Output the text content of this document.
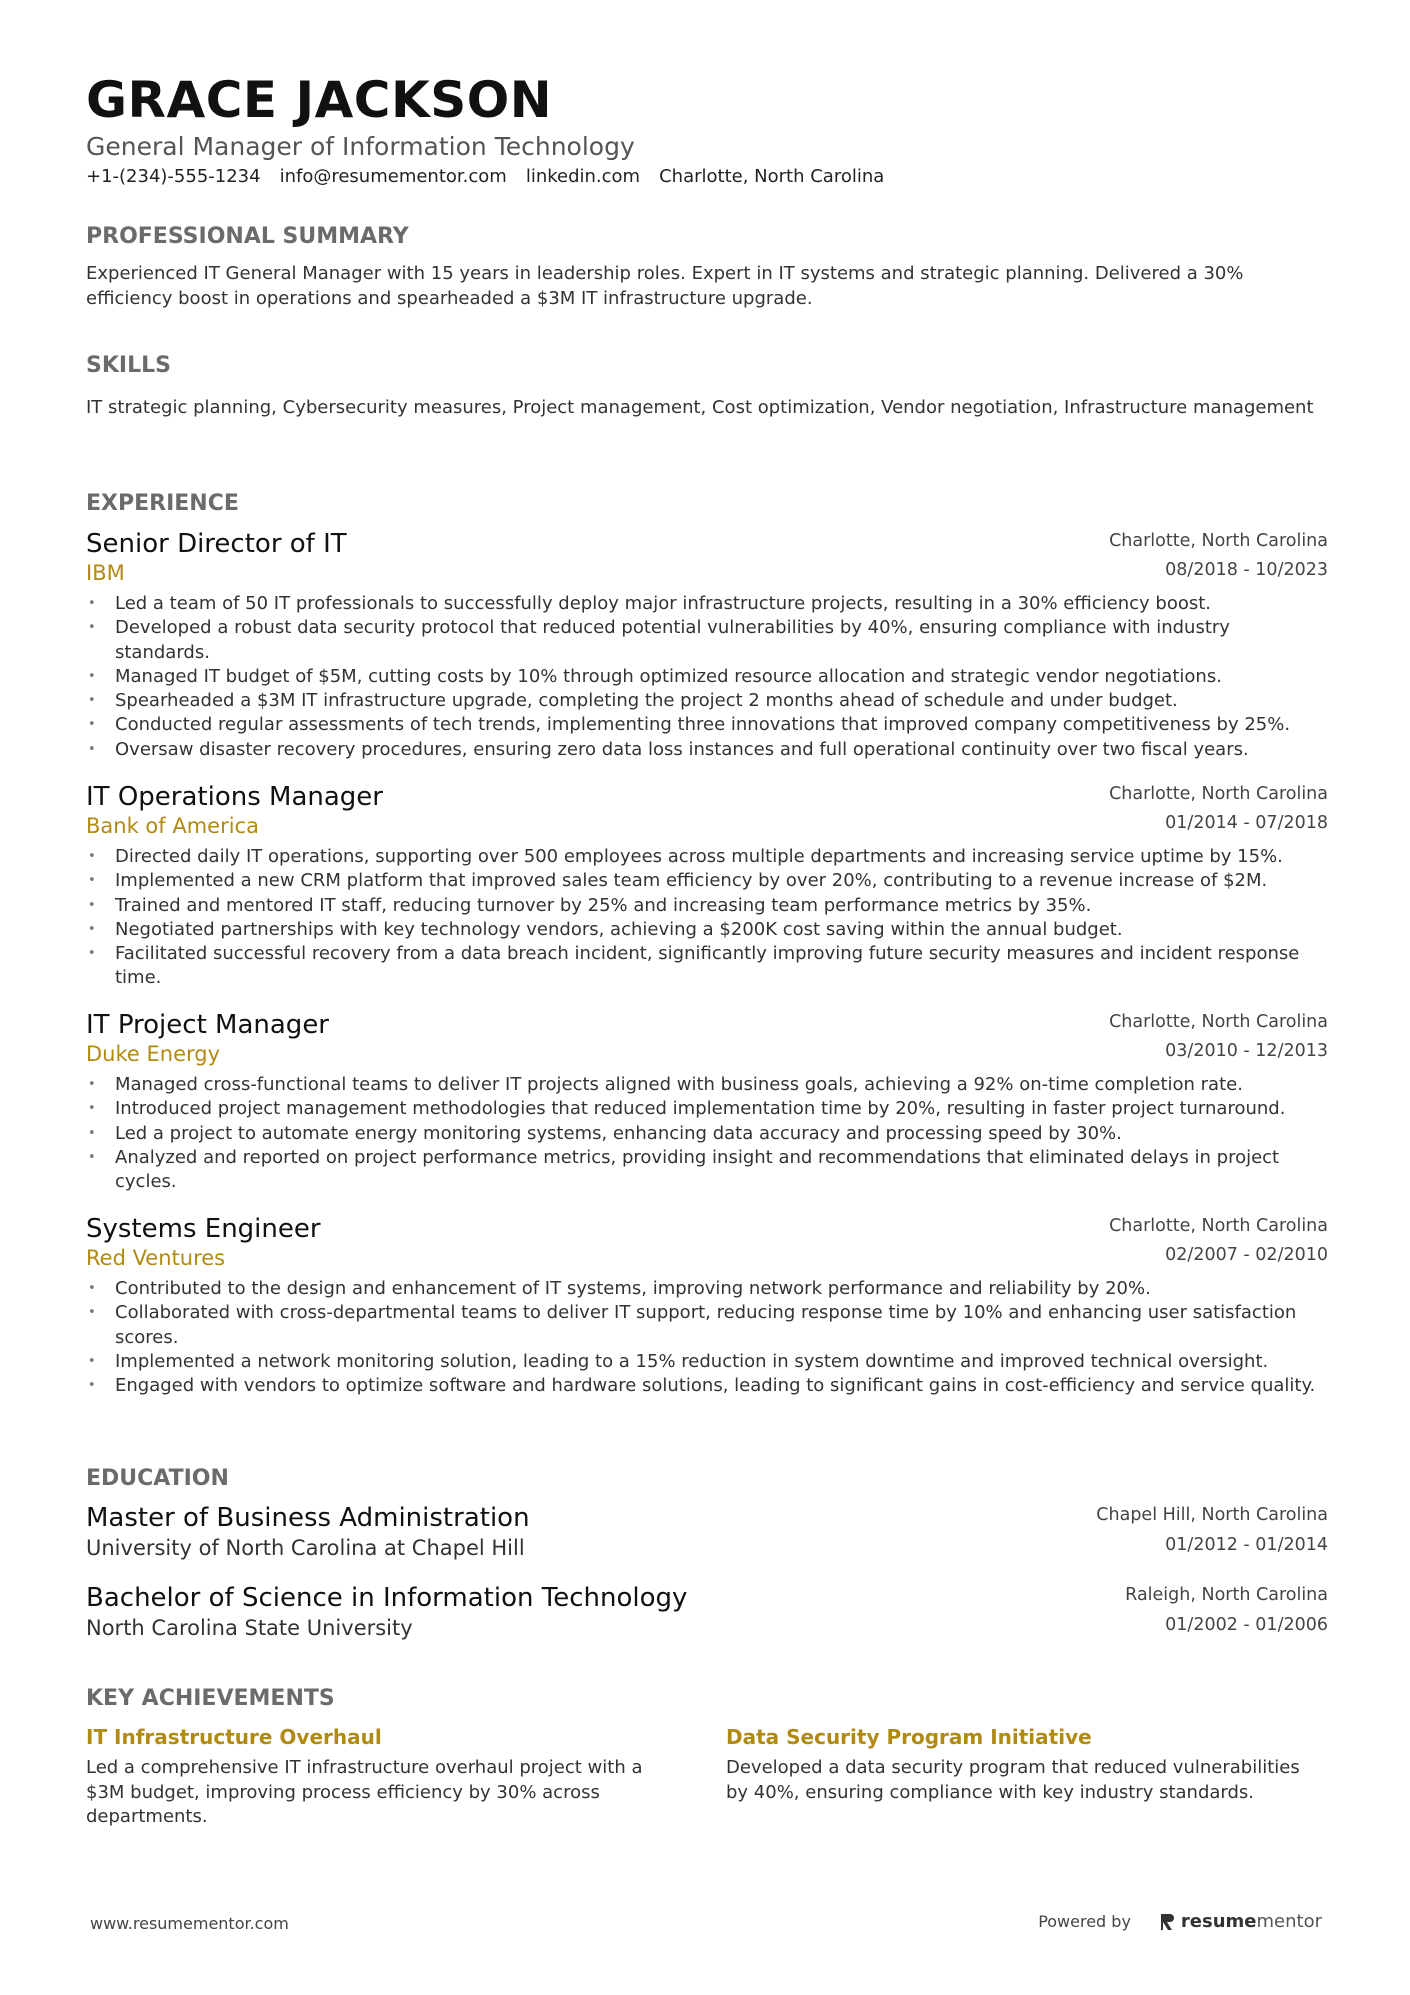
GRACE JACKSON
General Manager of Information Technology
+1-(234)-555-1234 info@resumementor.com linkedin.com Charlotte, North Carolina
PROFESSIONAL SUMMARY
Experienced IT General Manager with 15 years in leadership roles. Expert in IT systems and strategic planning. Delivered a 30% efficiency boost in operations and spearheaded a $3M IT infrastructure upgrade.
SKILLS
IT strategic planning, Cybersecurity measures, Project management, Cost optimization, Vendor negotiation, Infrastructure management
EXPERIENCE
Senior Director of IT	Charlotte, North Carolina
IBM	08/2018 - 10/2023
• Led a team of 50 IT professionals to successfully deploy major infrastructure projects, resulting in a 30% efficiency boost.
• Developed a robust data security protocol that reduced potential vulnerabilities by 40%, ensuring compliance with industry standards.
• Managed IT budget of $5M, cutting costs by 10% through optimized resource allocation and strategic vendor negotiations.
• Spearheaded a $3M IT infrastructure upgrade, completing the project 2 months ahead of schedule and under budget.
• Conducted regular assessments of tech trends, implementing three innovations that improved company competitiveness by 25%.
• Oversaw disaster recovery procedures, ensuring zero data loss instances and full operational continuity over two fiscal years.
IT Operations Manager	Charlotte, North Carolina
Bank of America	01/2014 - 07/2018
• Directed daily IT operations, supporting over 500 employees across multiple departments and increasing service uptime by 15%.
• Implemented a new CRM platform that improved sales team efficiency by over 20%, contributing to a revenue increase of $2M.
• Trained and mentored IT staff, reducing turnover by 25% and increasing team performance metrics by 35%.
• Negotiated partnerships with key technology vendors, achieving a $200K cost saving within the annual budget.
• Facilitated successful recovery from a data breach incident, significantly improving future security measures and incident response time.
IT Project Manager	Charlotte, North Carolina
Duke Energy	03/2010 - 12/2013
• Managed cross-functional teams to deliver IT projects aligned with business goals, achieving a 92% on-time completion rate.
• Introduced project management methodologies that reduced implementation time by 20%, resulting in faster project turnaround.
• Led a project to automate energy monitoring systems, enhancing data accuracy and processing speed by 30%.
• Analyzed and reported on project performance metrics, providing insight and recommendations that eliminated delays in project cycles.
Systems Engineer	Charlotte, North Carolina
Red Ventures	02/2007 - 02/2010
• Contributed to the design and enhancement of IT systems, improving network performance and reliability by 20%.
• Collaborated with cross-departmental teams to deliver IT support, reducing response time by 10% and enhancing user satisfaction scores.
• Implemented a network monitoring solution, leading to a 15% reduction in system downtime and improved technical oversight.
• Engaged with vendors to optimize software and hardware solutions, leading to significant gains in cost-efficiency and service quality.
EDUCATION
Master of Business Administration	Chapel Hill, North Carolina
University of North Carolina at Chapel Hill	01/2012 - 01/2014
Bachelor of Science in Information Technology	Raleigh, North Carolina
North Carolina State University	01/2002 - 01/2006
KEY ACHIEVEMENTS
IT Infrastructure Overhaul
Led a comprehensive IT infrastructure overhaul project with a $3M budget, improving process efficiency by 30% across departments.
Data Security Program Initiative
Developed a data security program that reduced vulnerabilities by 40%, ensuring compliance with key industry standards.
www.resumementor.com	Powered by	resume mentor
